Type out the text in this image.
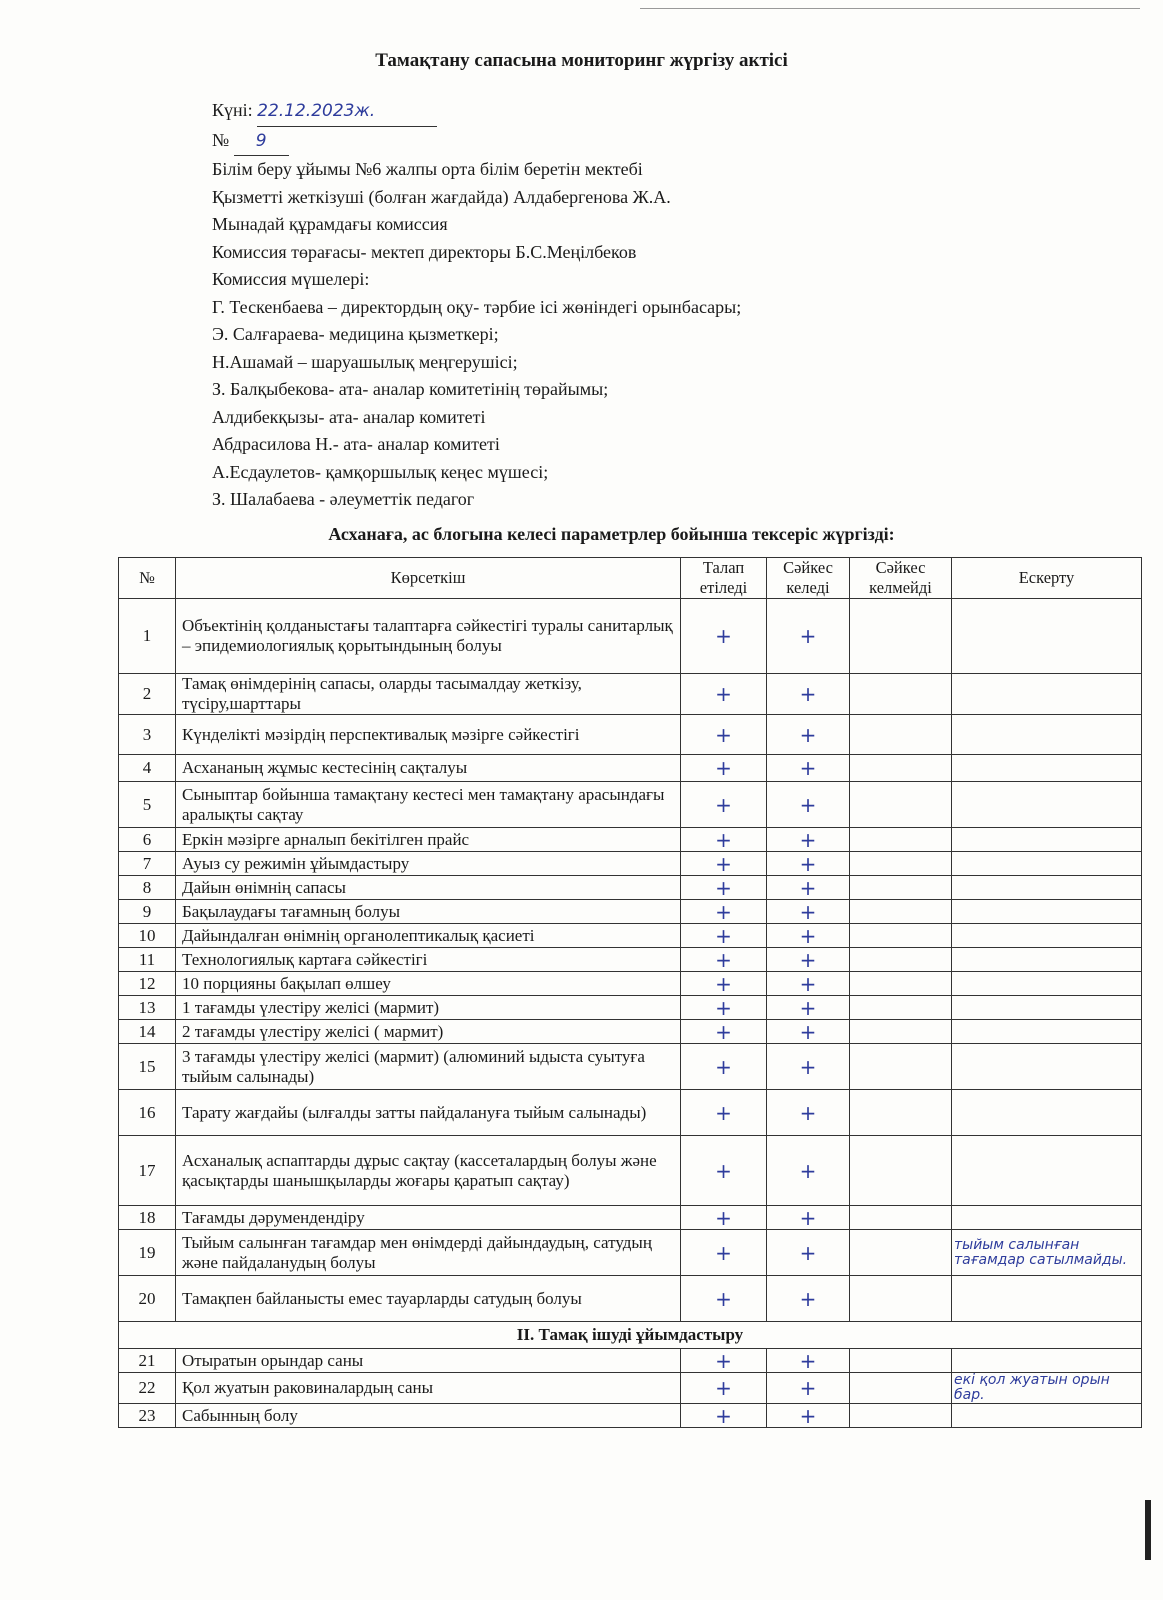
Тамақтану сапасына мониторинг жүргізу актісі
Күні: 22.12.2023ж.
№ 9
Білім беру ұйымы №6 жалпы орта білім беретін мектебі
Қызметті жеткізуші (болған жағдайда) Алдабергенова Ж.А.
Мынадай құрамдағы комиссия
Комиссия төрағасы- мектеп директоры Б.С.Меңілбеков
Комиссия мүшелері:
Г. Тескенбаева – директордың оқу- тәрбие ісі жөніндегі орынбасары;
Э. Салғараева- медицина қызметкері;
Н.Ашамай – шаруашылық меңгерушісі;
З. Балқыбекова- ата- аналар комитетінің төрайымы;
Алдибекқызы- ата- аналар комитеті
Абдрасилова Н.- ата- аналар комитеті
А.Есдаулетов- қамқоршылық кеңес мүшесі;
З. Шалабаева - әлеуметтік педагог
Асханаға, ас блогына келесі параметрлер бойынша тексеріс жүргізді:
№	Көрсеткіш	Талап етіледі	Сәйкес келеді	Сәйкес келмейді	Ескерту
1	Объектінің қолданыстағы талаптарға сәйкестігі туралы санитарлық – эпидемиологиялық қорытындының болуы	+	+		

2	Тамақ өнімдерінің сапасы, оларды тасымалдау жеткізу, түсіру,шарттары	+	+		

3	Күнделікті мәзірдің перспективалық мәзірге сәйкестігі	+	+		

4	Асхананың жұмыс кестесінің сақталуы	+	+		

5	Сыныптар бойынша тамақтану кестесі мен тамақтану арасындағы аралықты сақтау	+	+		

6	Еркін мәзірге арналып бекітілген прайс	+	+		

7	Ауыз су режимін ұйымдастыру	+	+		

8	Дайын өнімнің сапасы	+	+		

9	Бақылаудағы тағамның болуы	+	+		

10	Дайындалған өнімнің органолептикалық қасиеті	+	+		

11	Технологиялық картаға сәйкестігі	+	+		

12	10 порцияны бақылап өлшеу	+	+		

13	1 тағамды үлестіру желісі (мармит)	+	+		

14	2 тағамды үлестіру желісі ( мармит)	+	+		

15	3 тағамды үлестіру желісі (мармит) (алюминий ыдыста суытуға тыйым салынады)	+	+		

16	Тарату жағдайы (ылғалды затты пайдалануға тыйым салынады)	+	+		

17	Асханалық аспаптарды дұрыс сақтау (кассеталардың болуы және қасықтарды шанышқыларды жоғары қаратып сақтау)	+	+		

18	Тағамды дәрумендендіру	+	+		

19	Тыйым салынған тағамдар мен өнімдерді дайындаудың, сатудың және пайдаланудың болуы	+	+		тыйым салынған тағамдар сатылмайды.

20	Тамақпен байланысты емес тауарларды сатудың болуы	+	+		

II. Тамақ ішуді ұйымдастыру					
21	Отыратын орындар саны	+	+		

22	Қол жуатын раковиналардың саны	+	+		екі қол жуатын орын бар.

23	Сабынның болу	+	+		
